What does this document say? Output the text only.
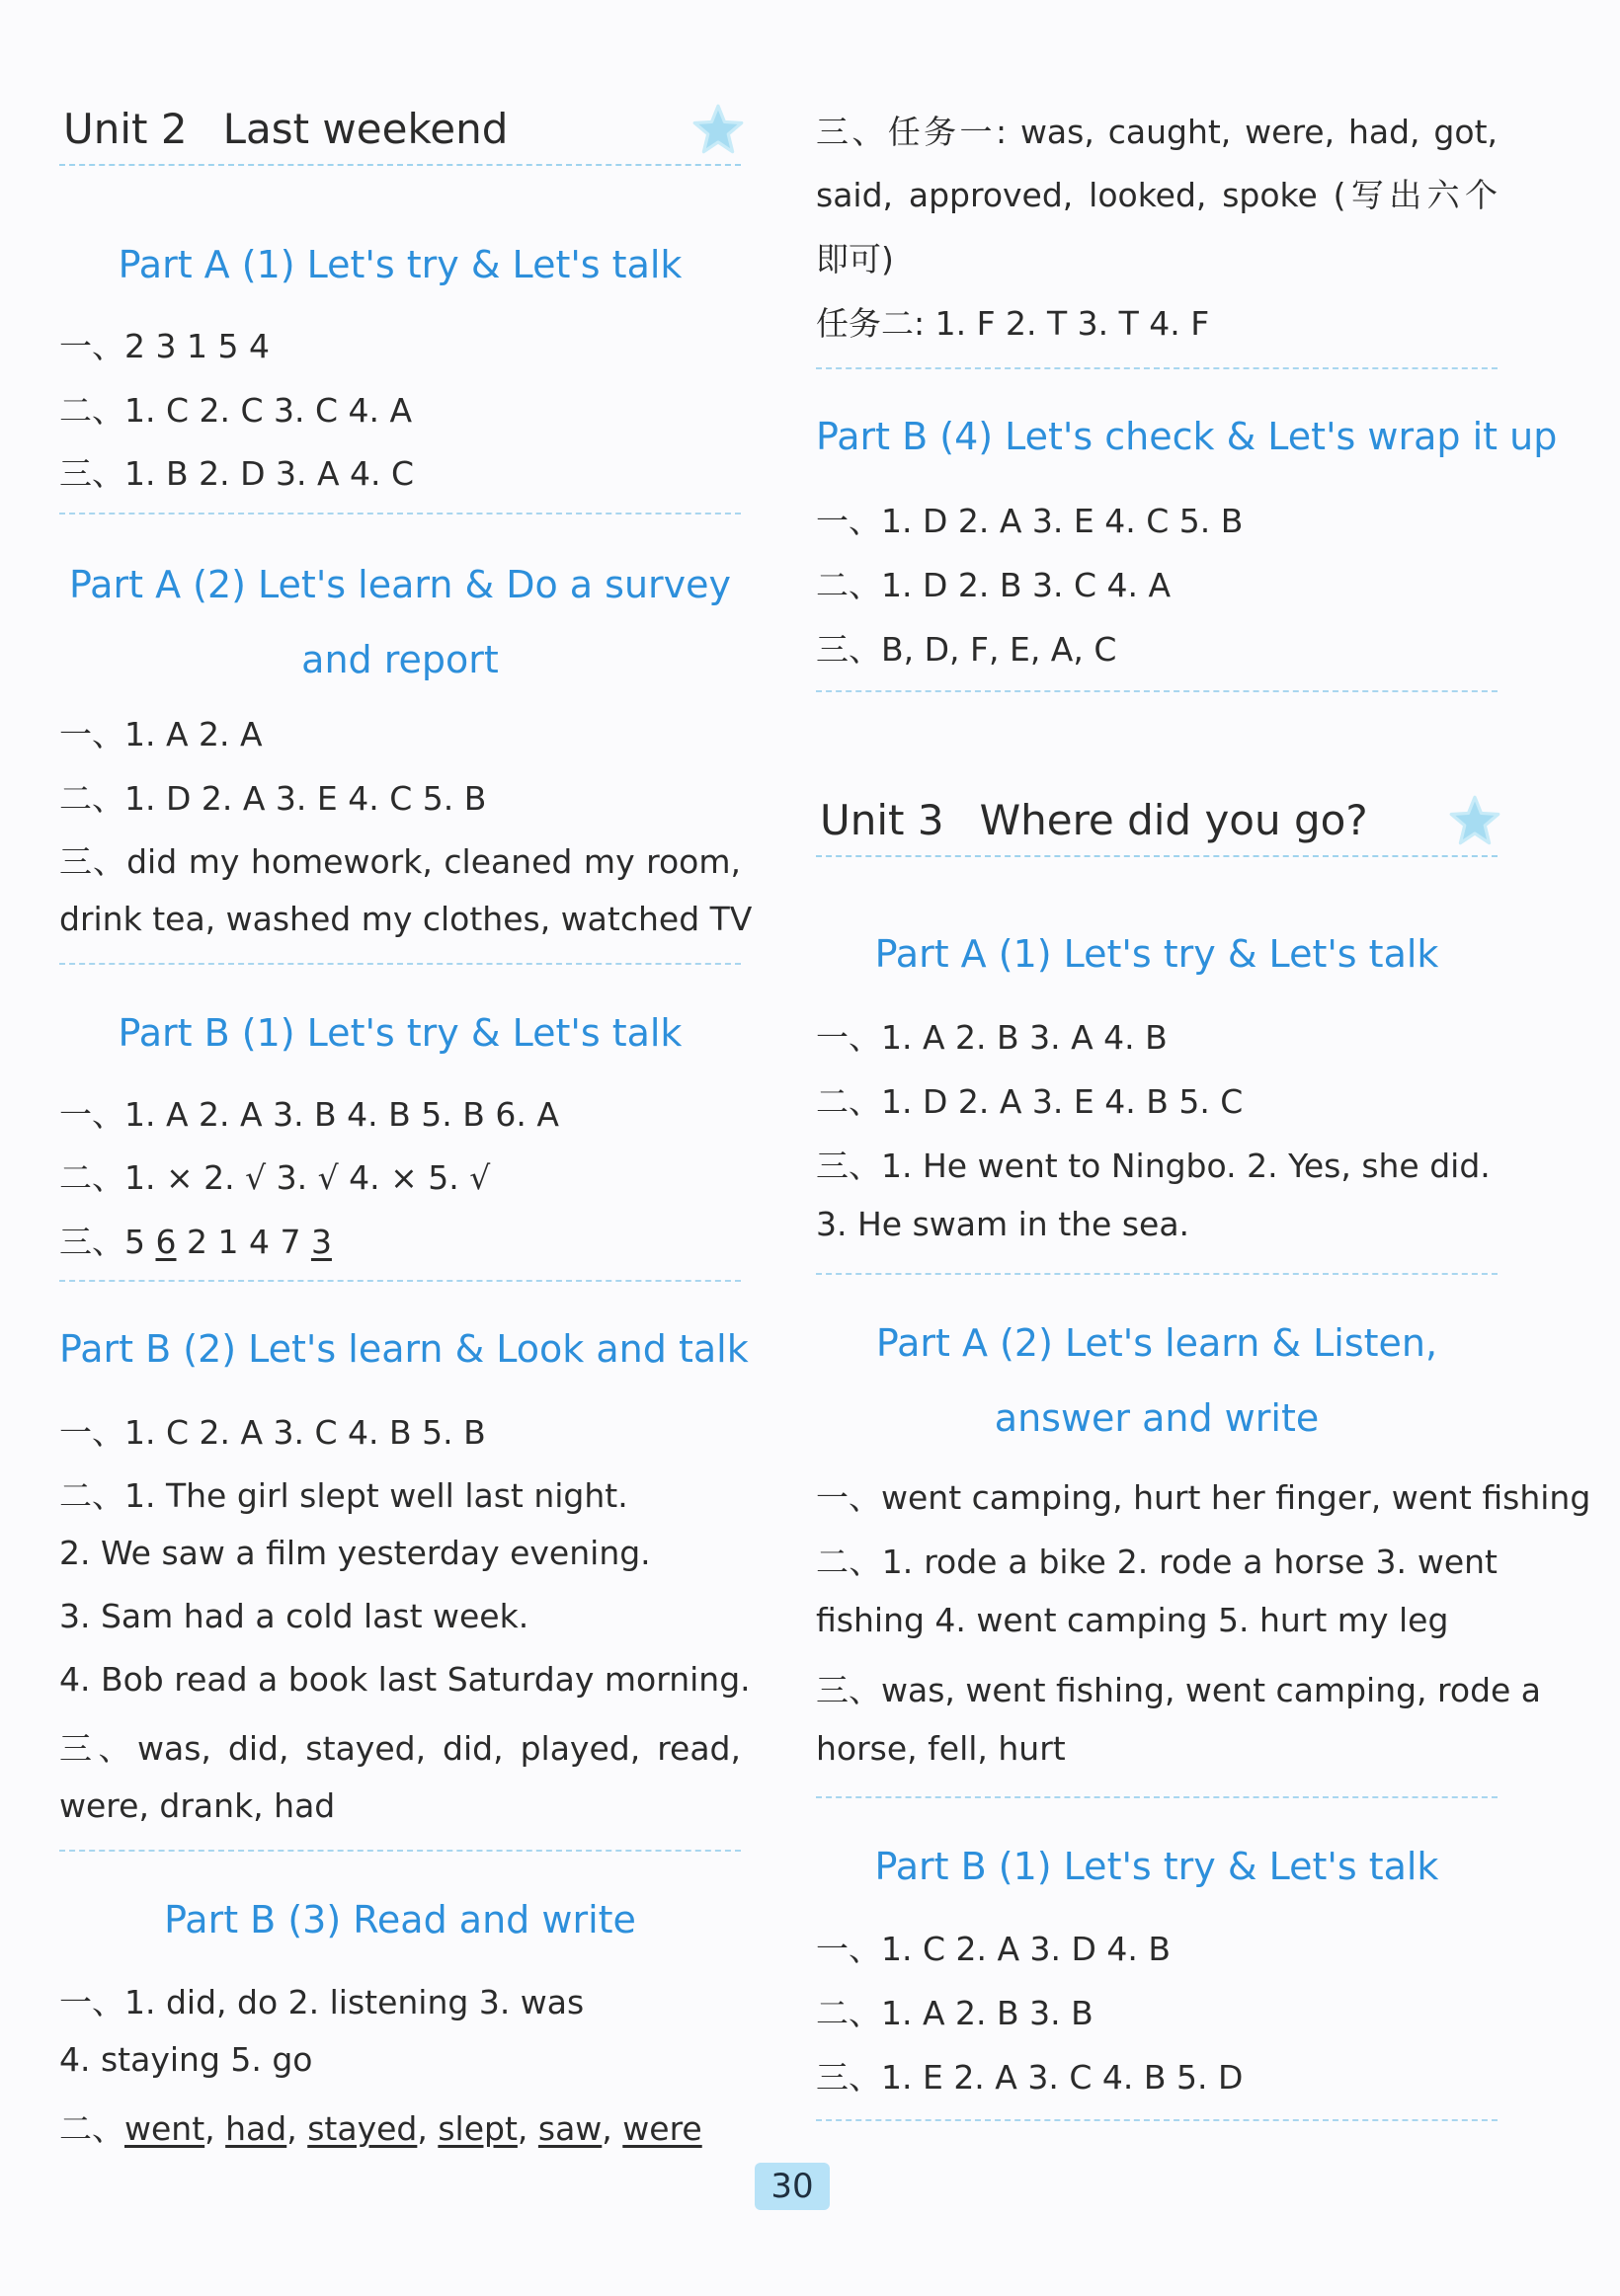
Unit 2 Last weekend
Part A (1) Let's try & Let's talk
一、2 3 1 5 4
二、1. C 2. C 3. C 4. A
三、1. B 2. D 3. A 4. C
Part A (2) Let's learn & Do a survey
and report
一、1. A 2. A
二、1. D 2. A 3. E 4. C 5. B
三、did my homework, cleaned my room,
drink tea, washed my clothes, watched TV
Part B (1) Let's try & Let's talk
一、1. A 2. A 3. B 4. B 5. B 6. A
二、1. × 2. √ 3. √ 4. × 5. √
三、5 6 2 1 4 7 3
Part B (2) Let's learn & Look and talk
一、1. C 2. A 3. C 4. B 5. B
二、1. The girl slept well last night.
2. We saw a film yesterday evening.
3. Sam had a cold last week.
4. Bob read a book last Saturday morning.
三、was, did, stayed, did, played, read,
were, drank, had
Part B (3) Read and write
一、1. did, do 2. listening 3. was
4. staying 5. go
二、went, had, stayed, slept, saw, were
三、任务一: was, caught, were, had, got,
said, approved, looked, spoke (写出六个
即可)
任务二: 1. F 2. T 3. T 4. F
Part B (4) Let's check & Let's wrap it up
一、1. D 2. A 3. E 4. C 5. B
二、1. D 2. B 3. C 4. A
三、B, D, F, E, A, C
Unit 3 Where did you go?
Part A (1) Let's try & Let's talk
一、1. A 2. B 3. A 4. B
二、1. D 2. A 3. E 4. B 5. C
三、1. He went to Ningbo. 2. Yes, she did.
3. He swam in the sea.
Part A (2) Let's learn & Listen,
answer and write
一、went camping, hurt her finger, went fishing
二、1. rode a bike 2. rode a horse 3. went
fishing 4. went camping 5. hurt my leg
三、was, went fishing, went camping, rode a
horse, fell, hurt
Part B (1) Let's try & Let's talk
一、1. C 2. A 3. D 4. B
二、1. A 2. B 3. B
三、1. E 2. A 3. C 4. B 5. D
30
